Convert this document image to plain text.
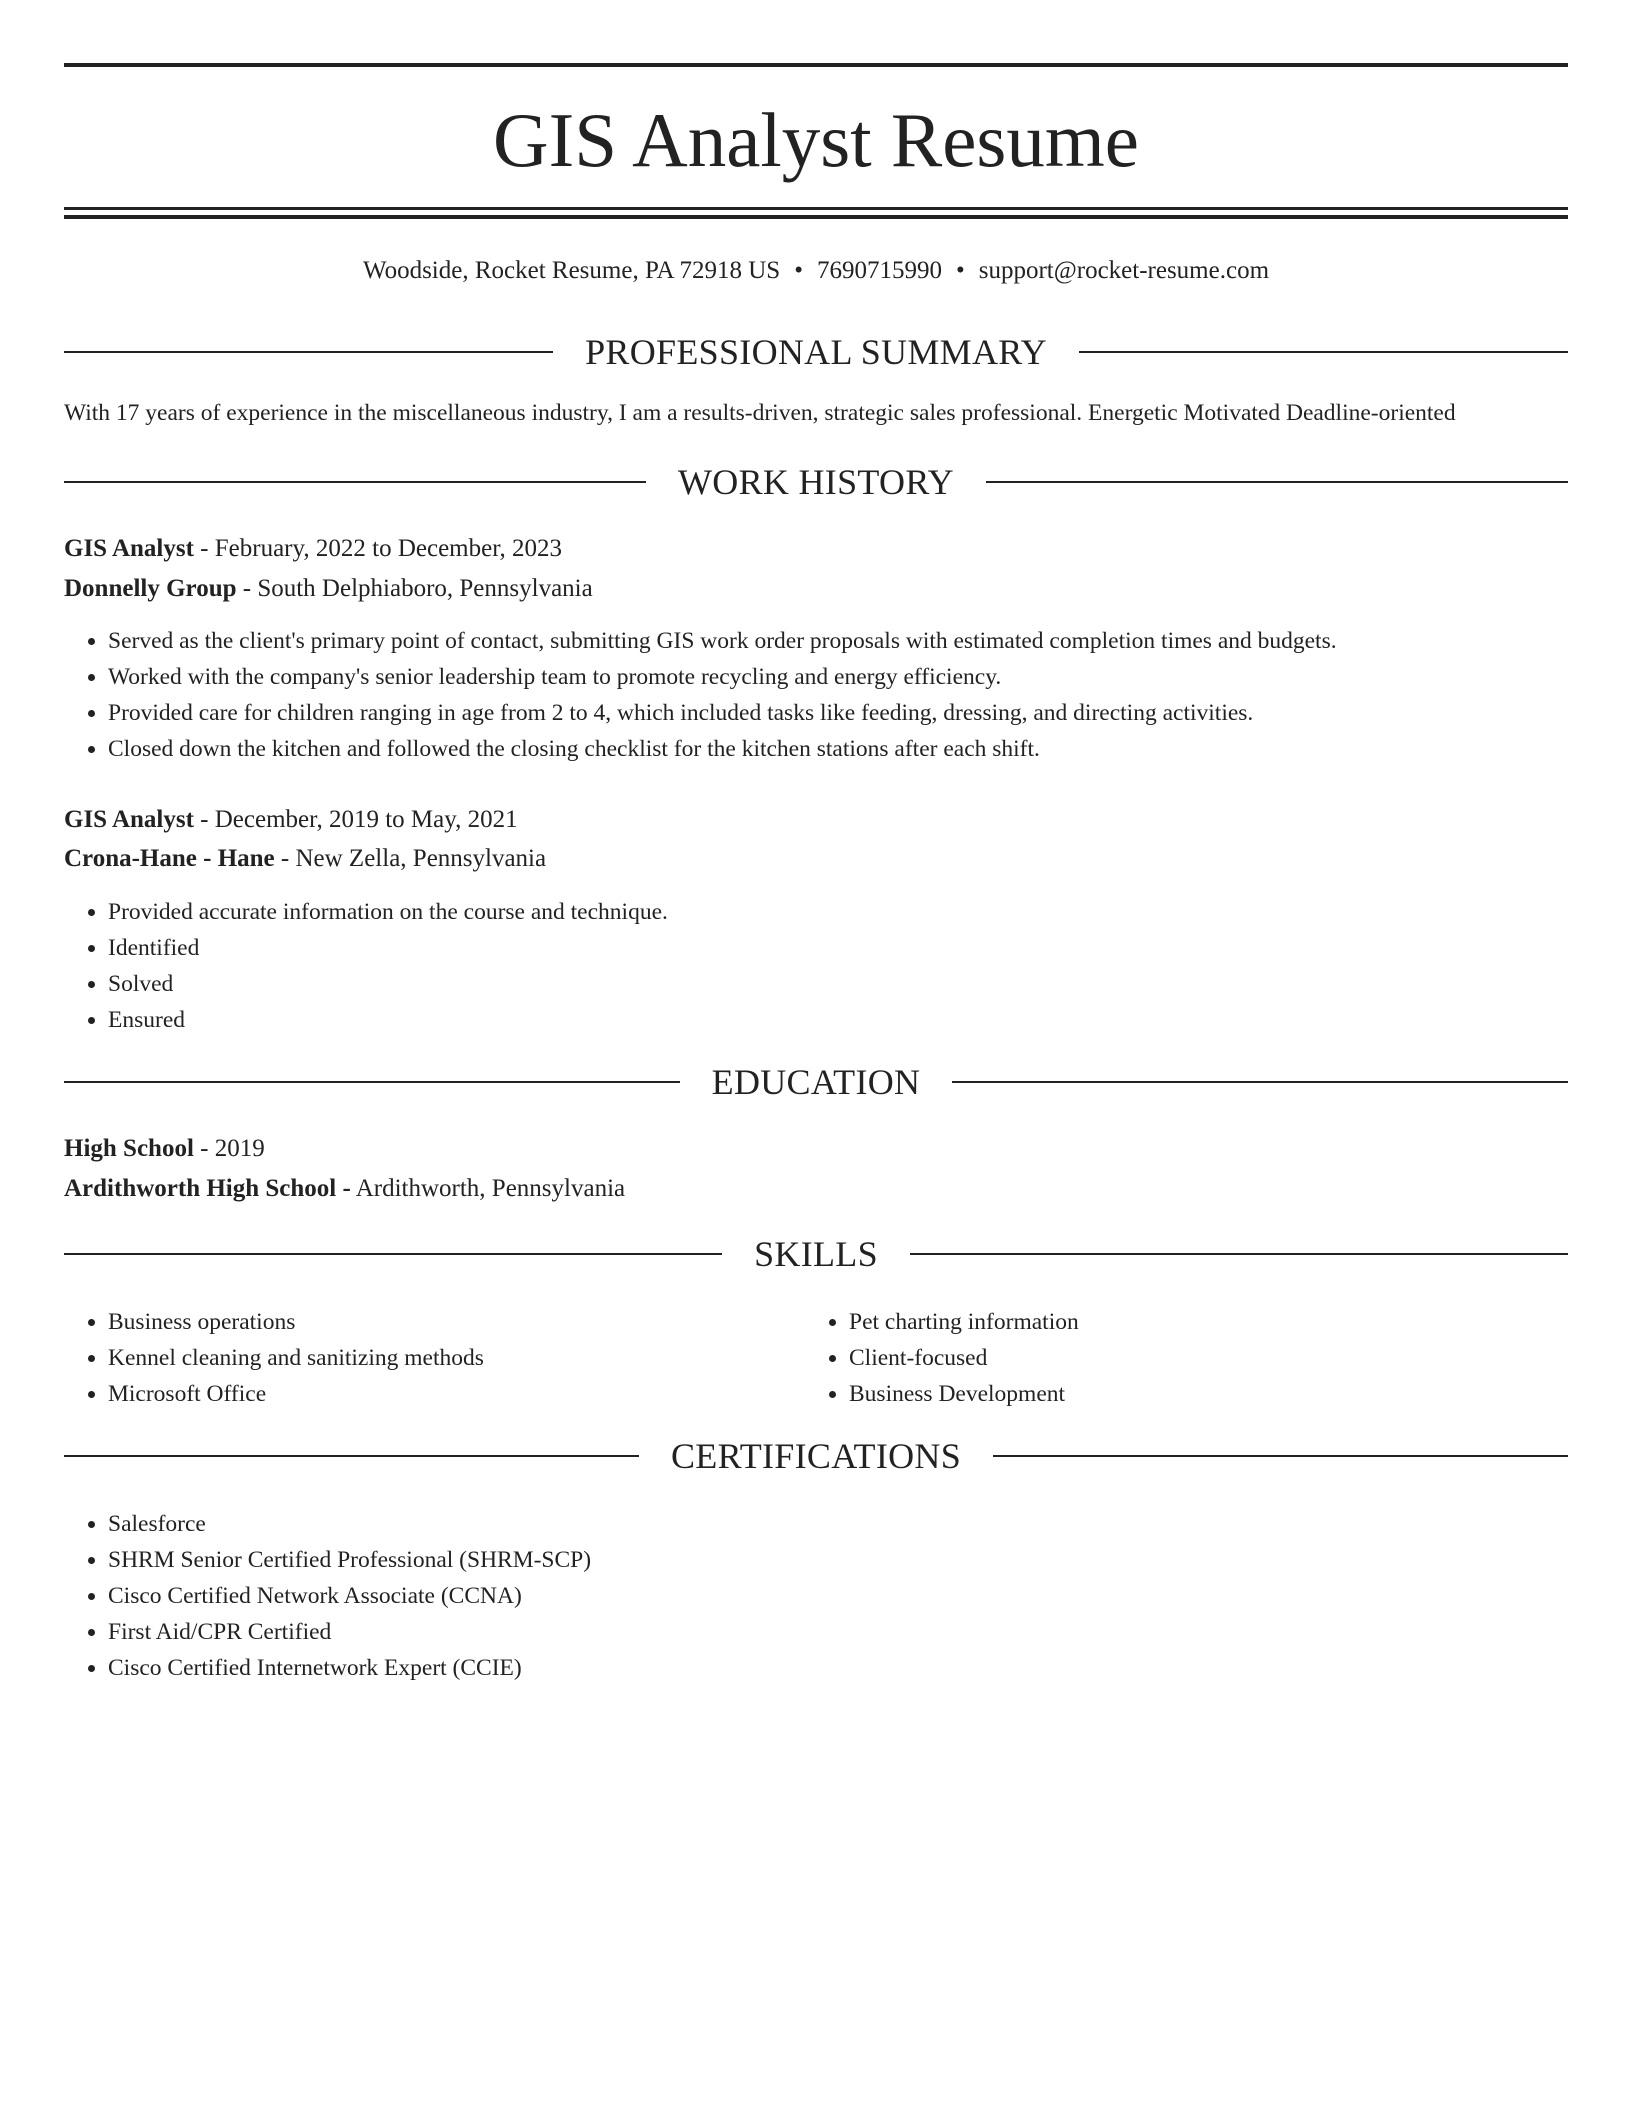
GIS Analyst Resume
Woodside, Rocket Resume, PA 72918 US • 7690715990 • support@rocket-resume.com
PROFESSIONAL SUMMARY
With 17 years of experience in the miscellaneous industry, I am a results-driven, strategic sales professional. Energetic Motivated Deadline-oriented
WORK HISTORY
GIS Analyst - February, 2022 to December, 2023
Donnelly Group - South Delphiaboro, Pennsylvania
• Served as the client's primary point of contact, submitting GIS work order proposals with estimated completion times and budgets.
• Worked with the company's senior leadership team to promote recycling and energy efficiency.
• Provided care for children ranging in age from 2 to 4, which included tasks like feeding, dressing, and directing activities.
• Closed down the kitchen and followed the closing checklist for the kitchen stations after each shift.
GIS Analyst - December, 2019 to May, 2021
Crona-Hane - Hane - New Zella, Pennsylvania
• Provided accurate information on the course and technique.
• Identified
• Solved
• Ensured
EDUCATION
High School - 2019
Ardithworth High School - Ardithworth, Pennsylvania
SKILLS
• Business operations
• Kennel cleaning and sanitizing methods
• Microsoft Office
• Pet charting information
• Client-focused
• Business Development
CERTIFICATIONS
• Salesforce
• SHRM Senior Certified Professional (SHRM-SCP)
• Cisco Certified Network Associate (CCNA)
• First Aid/CPR Certified
• Cisco Certified Internetwork Expert (CCIE)
